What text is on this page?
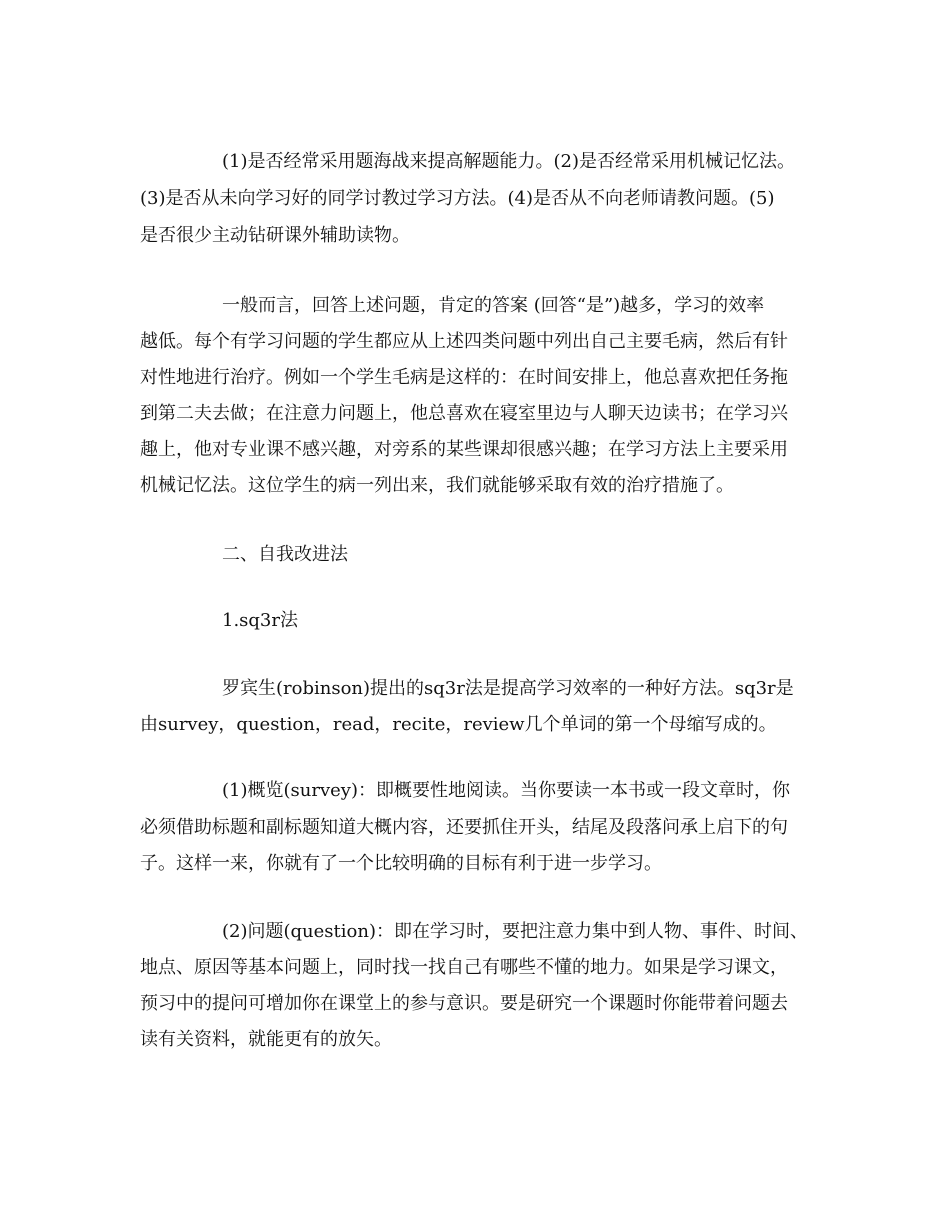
(1)是否经常采用题海战来提高解题能力。(2)是否经常采用机械记忆法。
(3)是否从未向学习好的同学讨教过学习方法。(4)是否从不向老师请教问题。(5)
是否很少主动钻研课外辅助读物。
一般而言，回答上述问题，肯定的答案 (回答“是”)越多，学习的效率
越低。每个有学习问题的学生都应从上述四类问题中列出自己主要毛病，然后有针
对性地进行治疗。例如一个学生毛病是这样的：在时间安排上，他总喜欢把任务拖
到第二夫去做；在注意力问题上，他总喜欢在寝室里边与人聊天边读书；在学习兴
趣上，他对专业课不感兴趣，对旁系的某些课却很感兴趣；在学习方法上主要采用
机械记忆法。这位学生的病一列出来，我们就能够采取有效的治疗措施了。
二、自我改进法
1.sq3r法
罗宾生(robinson)提出的sq3r法是提高学习效率的一种好方法。sq3r是
由survey，question，read，recite，review几个单词的第一个母缩写成的。
(1)概览(survey)：即概要性地阅读。当你要读一本书或一段文章时，你
必须借助标题和副标题知道大概内容，还要抓住开头，结尾及段落问承上启下的句
子。这样一来，你就有了一个比较明确的目标有利于进一步学习。
(2)问题(question)：即在学习时，要把注意力集中到人物、事件、时间、
地点、原因等基本问题上，同时找一找自己有哪些不懂的地力。如果是学习课文，
预习中的提问可增加你在课堂上的参与意识。要是研究一个课题时你能带着问题去
读有关资料，就能更有的放矢。
